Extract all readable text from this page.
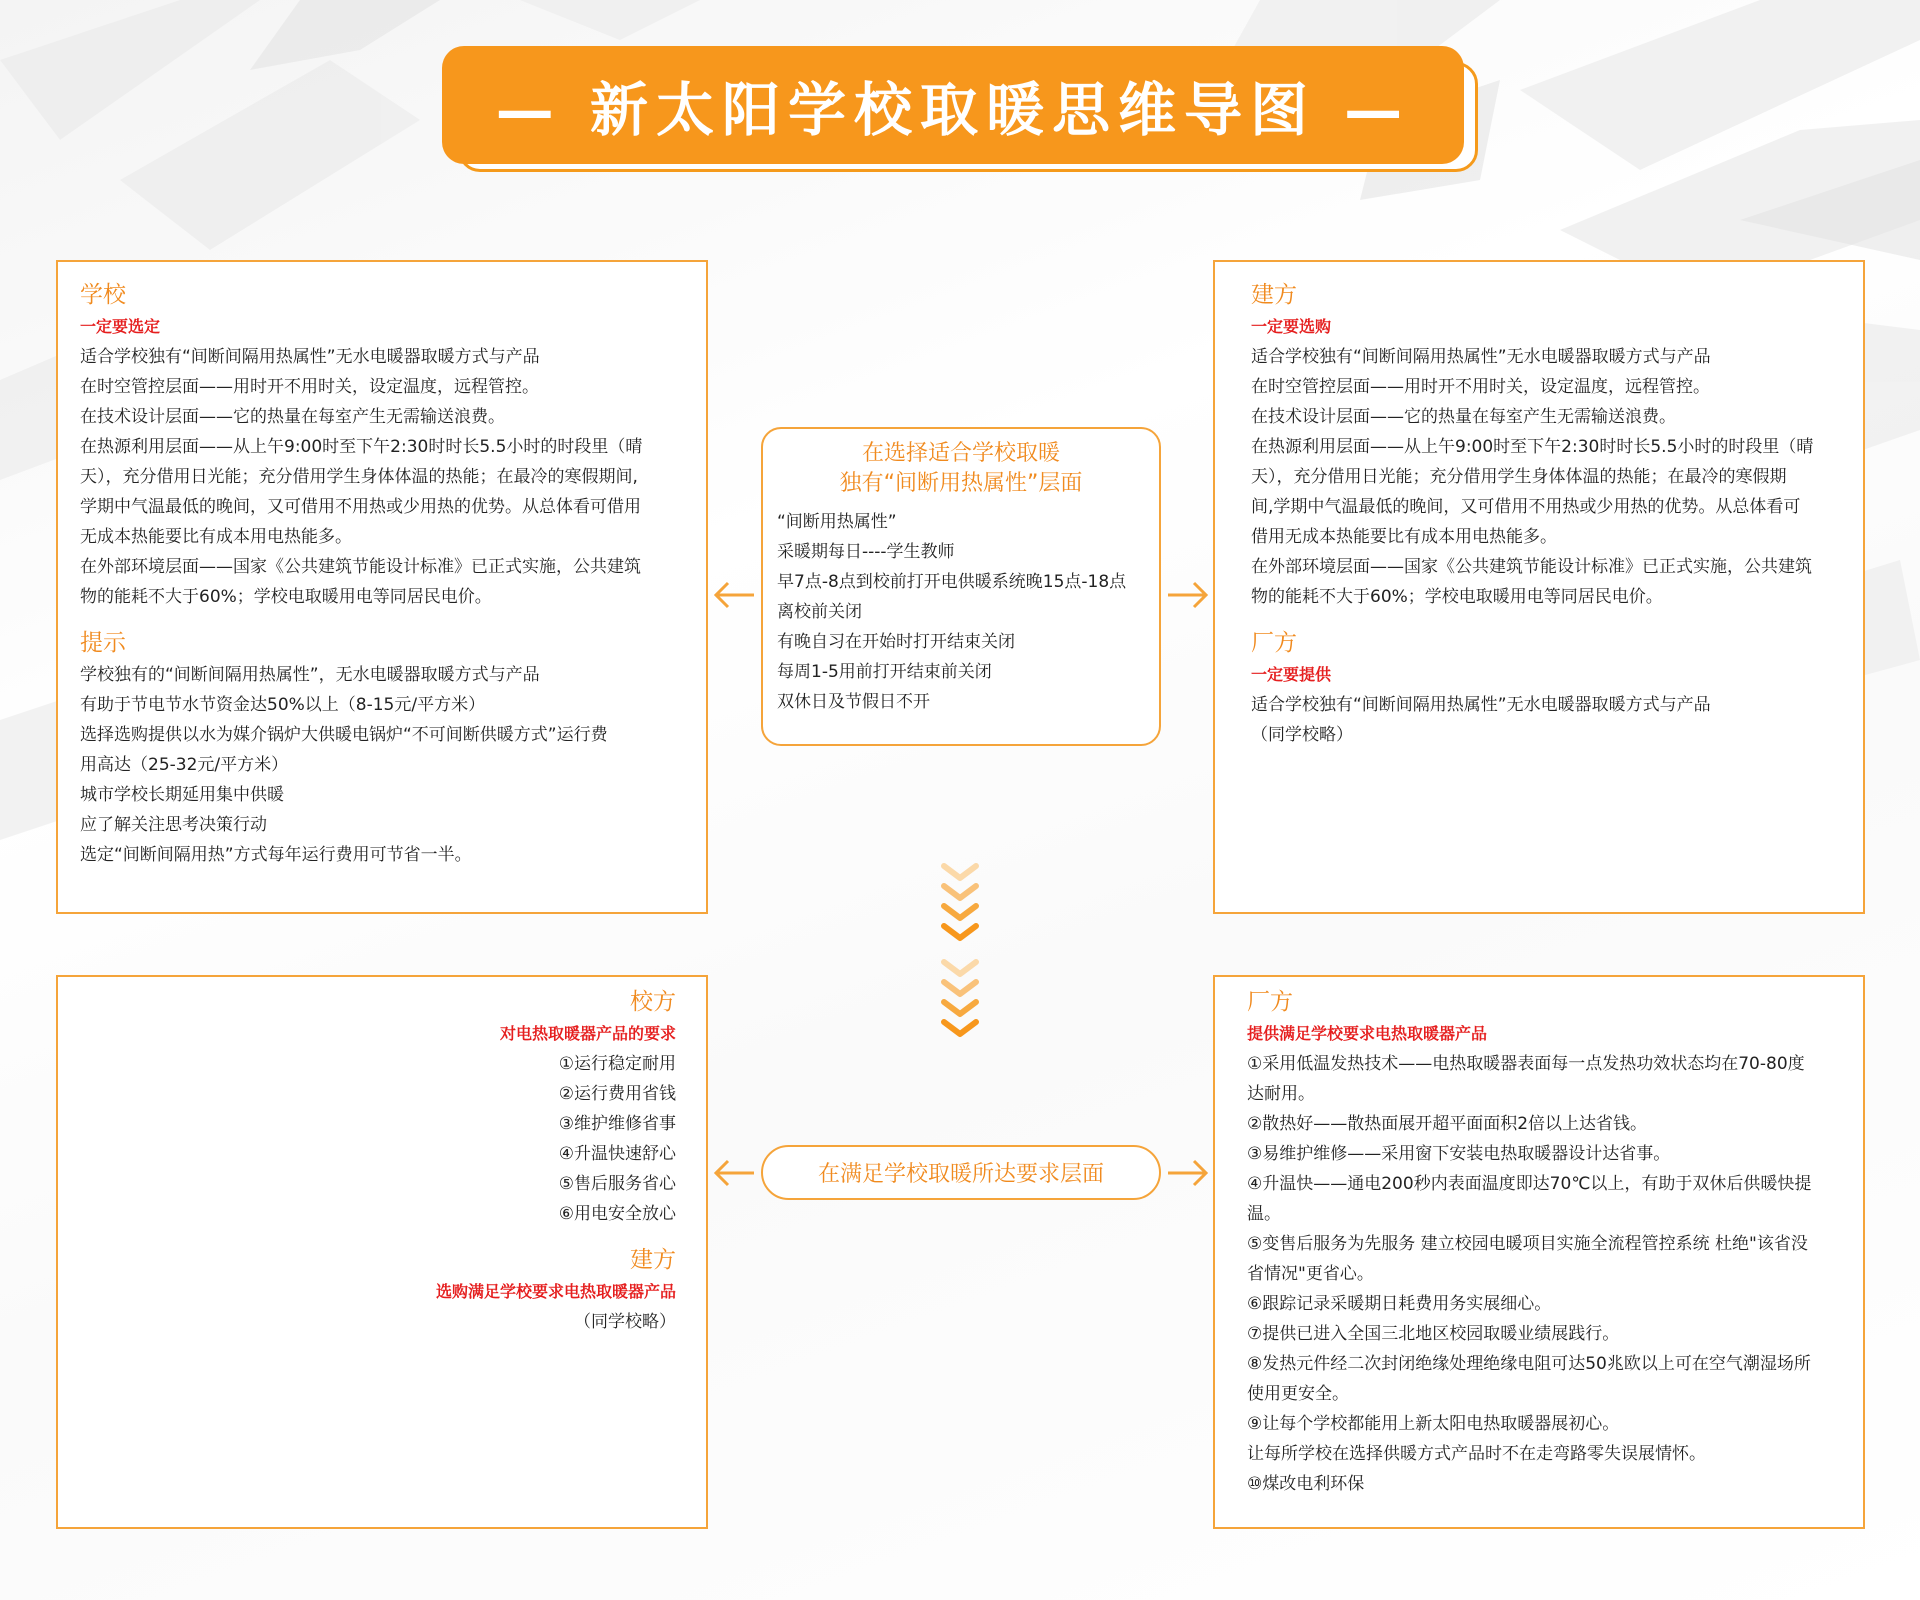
— 新太阳学校取暖思维导图 —

学校

一定要选定

适合学校独有“间断间隔用热属性”无水电暖器取暖方式与产品

在时空管控层面——用时开不用时关，设定温度，远程管控。

在技术设计层面——它的热量在每室产生无需输送浪费。

在热源利用层面——从上午9:00时至下午2:30时时长5.5小时的时段里（晴

天），充分借用日光能；充分借用学生身体体温的热能；在最冷的寒假期间,

学期中气温最低的晚间，又可借用不用热或少用热的优势。从总体看可借用

无成本热能要比有成本用电热能多。

在外部环境层面——国家《公共建筑节能设计标准》已正式实施，公共建筑

物的能耗不大于60%；学校电取暖用电等同居民电价。

提示

学校独有的“间断间隔用热属性”，无水电暖器取暖方式与产品

有助于节电节水节资金达50%以上（8-15元/平方米）

选择选购提供以水为媒介锅炉大供暖电锅炉“不可间断供暖方式”运行费

用高达（25-32元/平方米）

城市学校长期延用集中供暖

应了解关注思考决策行动

选定“间断间隔用热”方式每年运行费用可节省一半。

建方

一定要选购

适合学校独有“间断间隔用热属性”无水电暖器取暖方式与产品

在时空管控层面——用时开不用时关，设定温度，远程管控。

在技术设计层面——它的热量在每室产生无需输送浪费。

在热源利用层面——从上午9:00时至下午2:30时时长5.5小时的时段里（晴

天），充分借用日光能；充分借用学生身体体温的热能；在最冷的寒假期

间,学期中气温最低的晚间，又可借用不用热或少用热的优势。从总体看可

借用无成本热能要比有成本用电热能多。

在外部环境层面——国家《公共建筑节能设计标准》已正式实施，公共建筑

物的能耗不大于60%；学校电取暖用电等同居民电价。

厂方

一定要提供

适合学校独有“间断间隔用热属性”无水电暖器取暖方式与产品

（同学校略）

在选择适合学校取暖

独有“间断用热属性”层面

“间断用热属性”

采暖期每日----学生教师

早7点-8点到校前打开电供暖系统晚15点-18点

离校前关闭

有晚自习在开始时打开结束关闭

每周1-5用前打开结束前关闭

双休日及节假日不开

校方

对电热取暖器产品的要求

①运行稳定耐用

②运行费用省钱

③维护维修省事

④升温快速舒心

⑤售后服务省心

⑥用电安全放心

建方

选购满足学校要求电热取暖器产品

（同学校略）

在满足学校取暖所达要求层面

厂方

提供满足学校要求电热取暖器产品

①采用低温发热技术——电热取暖器表面每一点发热功效状态均在70-80度

达耐用。

②散热好——散热面展开超平面面积2倍以上达省钱。

③易维护维修——采用窗下安装电热取暖器设计达省事。

④升温快——通电200秒内表面温度即达70℃以上，有助于双休后供暖快提

温。

⑤变售后服务为先服务 建立校园电暖项目实施全流程管控系统 杜绝"该省没

省情况"更省心。

⑥跟踪记录采暖期日耗费用务实展细心。

⑦提供已进入全国三北地区校园取暖业绩展践行。

⑧发热元件经二次封闭绝缘处理绝缘电阻可达50兆欧以上可在空气潮湿场所

使用更安全。

⑨让每个学校都能用上新太阳电热取暖器展初心。

让每所学校在选择供暖方式产品时不在走弯路零失误展情怀。

⑩煤改电利环保
